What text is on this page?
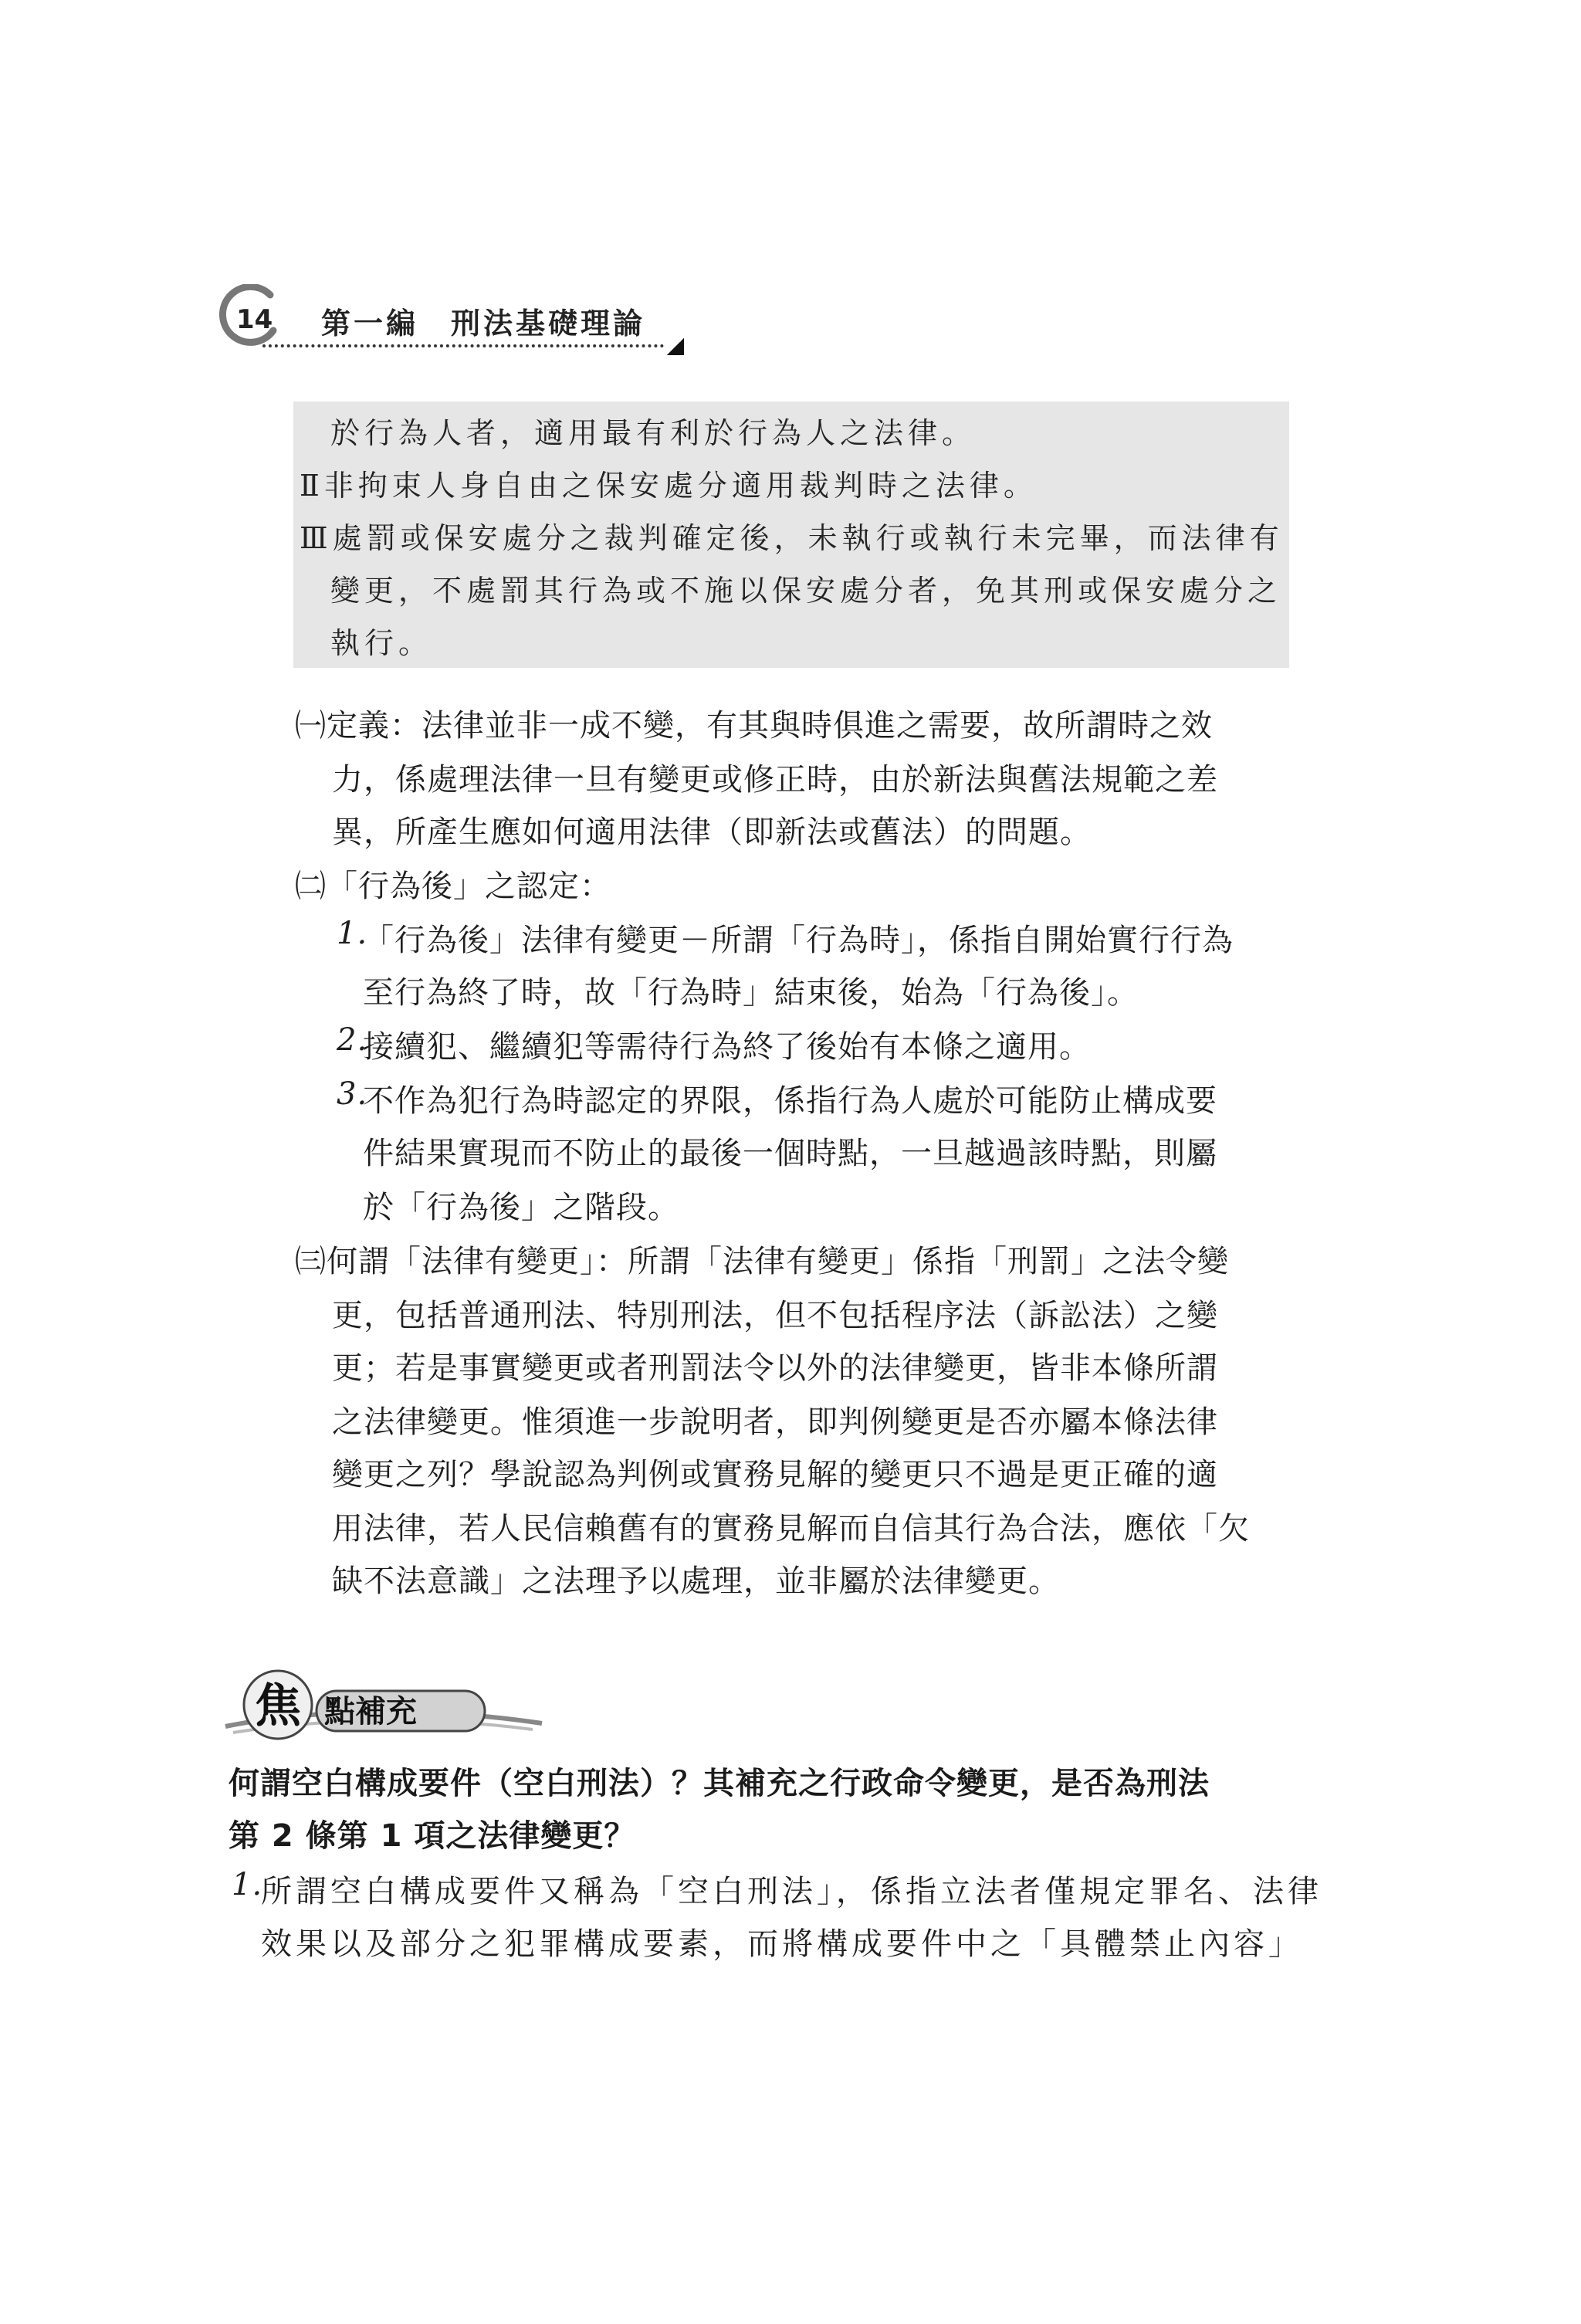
14 第一編　刑法基礎理論
於行為人者，適用最有利於行為人之法律。
Ⅱ非拘束人身自由之保安處分適用裁判時之法律。
Ⅲ處罰或保安處分之裁判確定後，未執行或執行未完畢，而法律有
變更，不處罰其行為或不施以保安處分者，免其刑或保安處分之
執行。
㈠定義：法律並非一成不變，有其與時俱進之需要，故所謂時之效
力，係處理法律一旦有變更或修正時，由於新法與舊法規範之差
異，所產生應如何適用法律（即新法或舊法）的問題。
㈡「行為後」之認定：
1.
「行為後」法律有變更－所謂「行為時」，係指自開始實行行為
至行為終了時，故「行為時」結束後，始為「行為後」。
2.
接續犯、繼續犯等需待行為終了後始有本條之適用。
3.
不作為犯行為時認定的界限，係指行為人處於可能防止構成要
件結果實現而不防止的最後一個時點，一旦越過該時點，則屬
於「行為後」之階段。
㈢何謂「法律有變更」：所謂「法律有變更」係指「刑罰」之法令變
更，包括普通刑法、特別刑法，但不包括程序法（訴訟法）之變
更；若是事實變更或者刑罰法令以外的法律變更，皆非本條所謂
之法律變更。惟須進一步說明者，即判例變更是否亦屬本條法律
變更之列？學說認為判例或實務見解的變更只不過是更正確的適
用法律，若人民信賴舊有的實務見解而自信其行為合法，應依「欠
缺不法意識」之法理予以處理，並非屬於法律變更。
焦 點補充
何謂空白構成要件（空白刑法）？其補充之行政命令變更，是否為刑法
第 2 條第 1 項之法律變更？
1.
所謂空白構成要件又稱為「空白刑法」，係指立法者僅規定罪名、法律
效果以及部分之犯罪構成要素，而將構成要件中之「具體禁止內容」
